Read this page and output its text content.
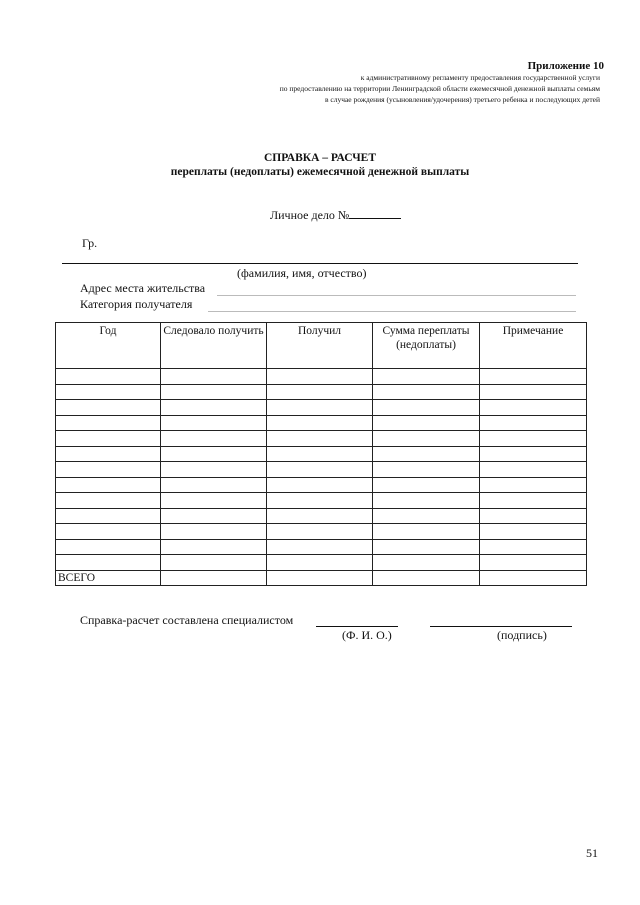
Приложение 10
к административному регламенту предоставления государственной услуги
по предоставлению на территории Ленинградской области ежемесячной денежной выплаты семьям
в случае рождения (усыновления/удочерения) третьего ребенка и последующих детей
СПРАВКА – РАСЧЕТ
переплаты (недоплаты) ежемесячной денежной выплаты
Личное дело №
Гр.
(фамилия, имя, отчество)
Адрес места жительства
Категория получателя
Год	Следовало получить	Получил	Сумма переплаты (недоплаты)	Примечание

ВСЕГО				
Справка-расчет составлена специалистом
(Ф. И. О.)	(подпись)
51
